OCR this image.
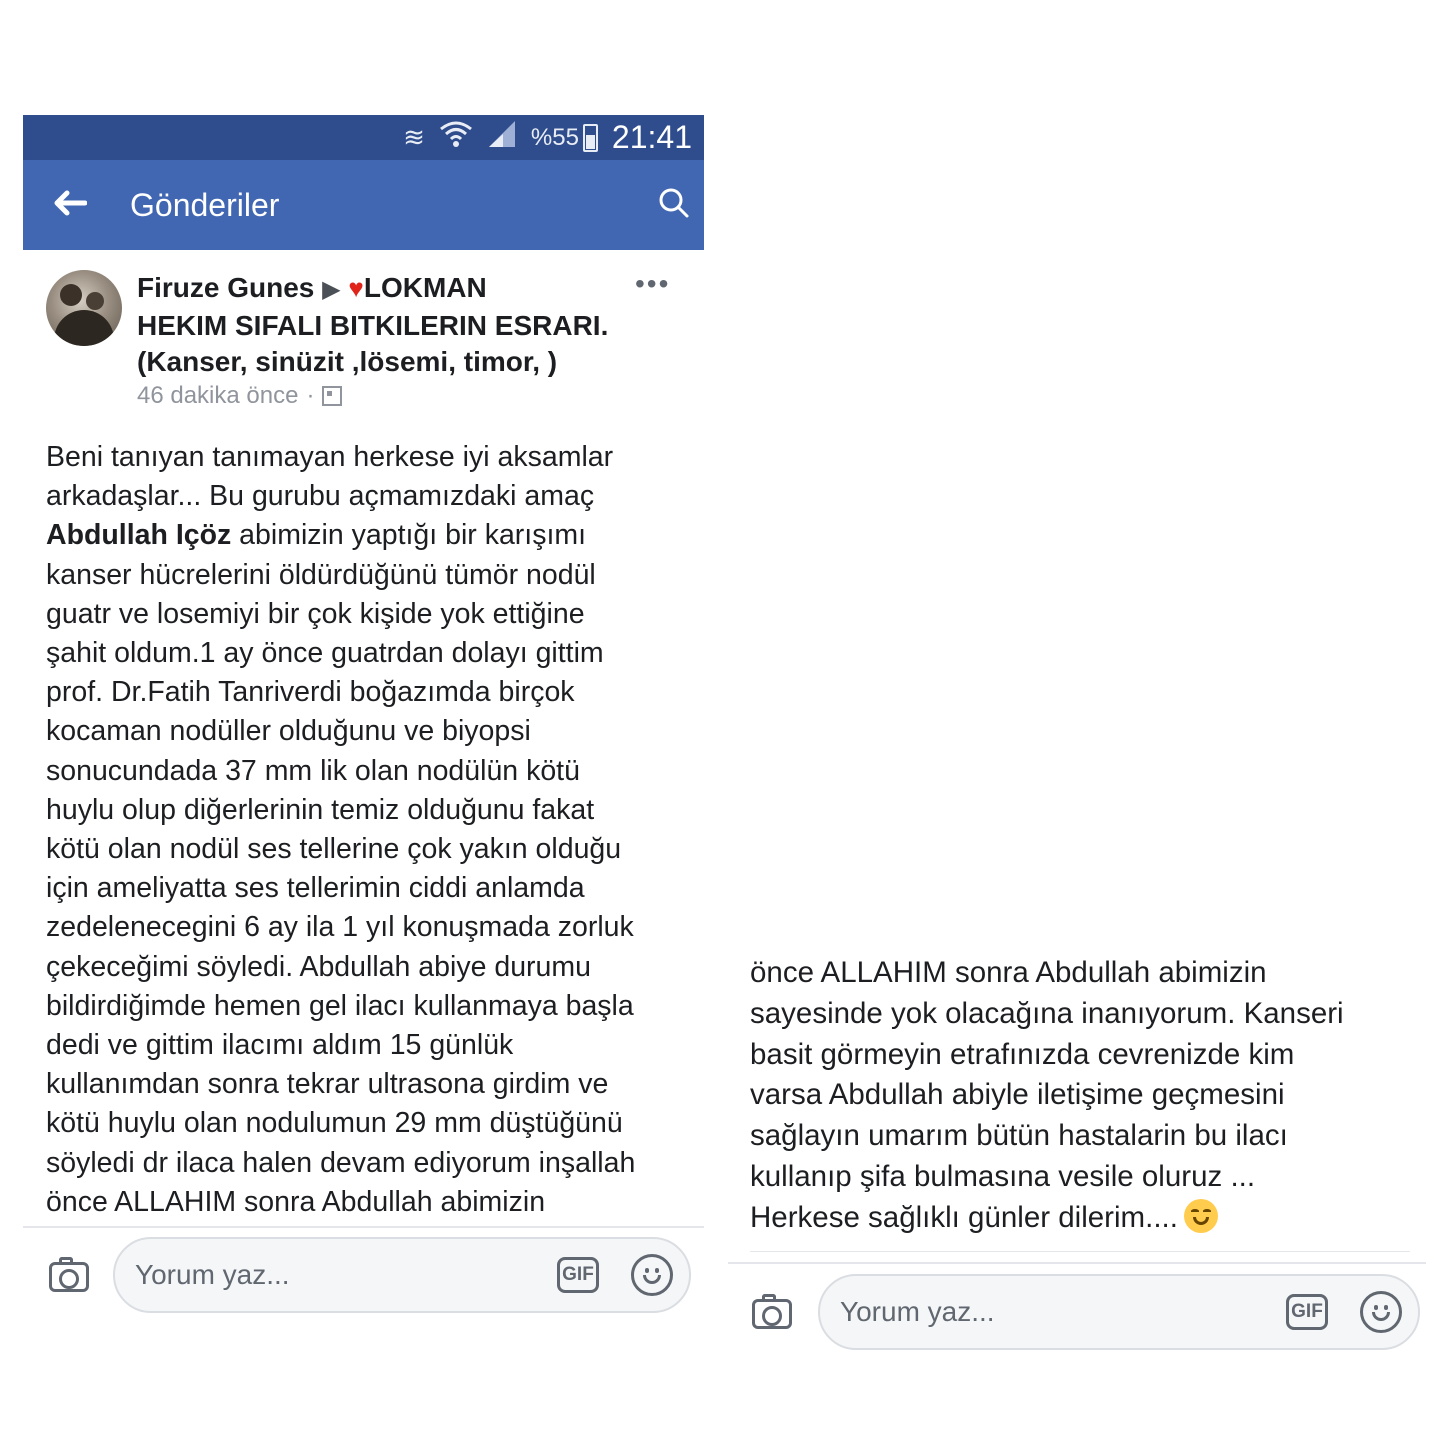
≋	%55 21:41
Gönderiler
Firuze Gunes ▶ ♥LOKMAN
HEKIM SIFALI BITKILERIN ESRARI.
(Kanser, sinüzit ,lösemi, timor, )
•••
46 dakika önce ·
Beni tanıyan tanımayan herkese iyi aksamlar
arkadaşlar... Bu gurubu açmamızdaki amaç
Abdullah Içöz abimizin yaptığı bir karışımı
kanser hücrelerini öldürdüğünü tümör nodül
guatr ve losemiyi bir çok kişide yok ettiğine
şahit oldum.1 ay önce guatrdan dolayı gittim
prof. Dr.Fatih Tanriverdi boğazımda birçok
kocaman nodüller olduğunu ve biyopsi
sonucundada 37 mm lik olan nodülün kötü
huylu olup diğerlerinin temiz olduğunu fakat
kötü olan nodül ses tellerine çok yakın olduğu
için ameliyatta ses tellerimin ciddi anlamda
zedelenecegini 6 ay ila 1 yıl konuşmada zorluk
çekeceğimi söyledi. Abdullah abiye durumu
bildirdiğimde hemen gel ilacı kullanmaya başla
dedi ve gittim ilacımı aldım 15 günlük
kullanımdan sonra tekrar ultrasona girdim ve
kötü huylu olan nodulumun 29 mm düştüğünü
söyledi dr ilaca halen devam ediyorum inşallah
önce ALLAHIM sonra Abdullah abimizin
Yorum yaz...	GIF
önce ALLAHIM sonra Abdullah abimizin
sayesinde yok olacağına inanıyorum. Kanseri
basit görmeyin etrafınızda cevrenizde kim
varsa Abdullah abiyle iletişime geçmesini
sağlayın umarım bütün hastalarin bu ilacı
kullanıp şifa bulmasına vesile oluruz ...
Herkese sağlıklı günler dilerim....
Yorum yaz...	GIF
